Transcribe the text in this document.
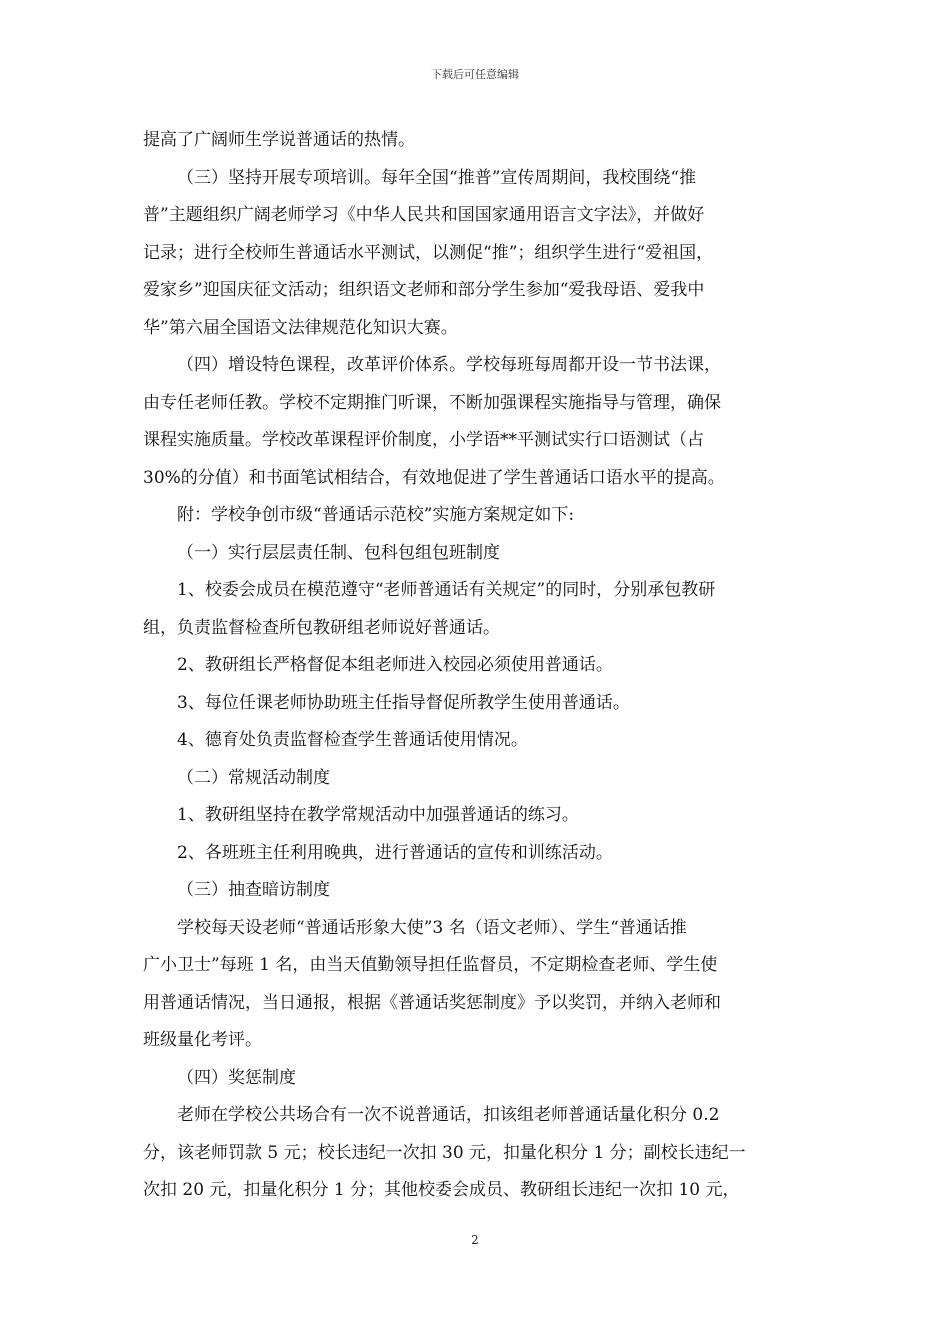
下载后可任意编辑
提高了广阔师生学说普通话的热情。
（三）坚持开展专项培训。每年全国“推普”宣传周期间，我校围绕“推
普”主题组织广阔老师学习《中华人民共和国国家通用语言文字法》，并做好
记录；进行全校师生普通话水平测试，以测促“推”；组织学生进行“爱祖国，
爱家乡”迎国庆征文活动；组织语文老师和部分学生参加“爱我母语、爱我中
华”第六届全国语文法律规范化知识大赛。
（四）增设特色课程，改革评价体系。学校每班每周都开设一节书法课，
由专任老师任教。学校不定期推门听课，不断加强课程实施指导与管理，确保
课程实施质量。学校改革课程评价制度，小学语**平测试实行口语测试（占
30%的分值）和书面笔试相结合，有效地促进了学生普通话口语水平的提高。
附：学校争创市级“普通话示范校”实施方案规定如下:
（一）实行层层责任制、包科包组包班制度
1、校委会成员在模范遵守“老师普通话有关规定”的同时，分别承包教研
组，负责监督检查所包教研组老师说好普通话。
2、教研组长严格督促本组老师进入校园必须使用普通话。
3、每位任课老师协助班主任指导督促所教学生使用普通话。
4、德育处负责监督检查学生普通话使用情况。
（二）常规活动制度
1、教研组坚持在教学常规活动中加强普通话的练习。
2、各班班主任利用晚典，进行普通话的宣传和训练活动。
（三）抽查暗访制度
学校每天设老师“普通话形象大使”3 名（语文老师）、学生“普通话推
广小卫士”每班 1 名，由当天值勤领导担任监督员，不定期检查老师、学生使
用普通话情况，当日通报，根据《普通话奖惩制度》予以奖罚，并纳入老师和
班级量化考评。
（四）奖惩制度
老师在学校公共场合有一次不说普通话，扣该组老师普通话量化积分 0.2
分，该老师罚款 5 元；校长违纪一次扣 30 元，扣量化积分 1 分；副校长违纪一
次扣 20 元，扣量化积分 1 分；其他校委会成员、教研组长违纪一次扣 10 元，
2
